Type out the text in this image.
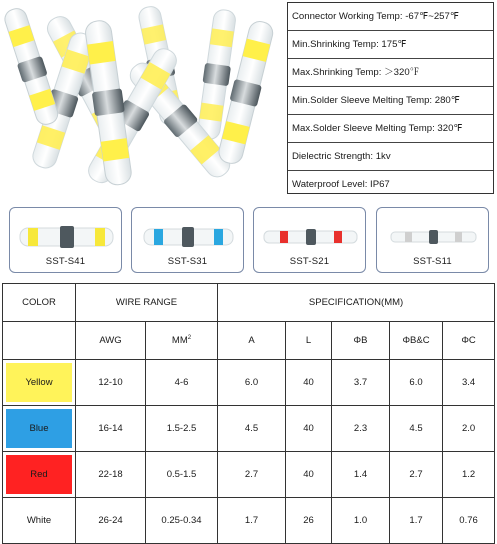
Connector Working Temp: -67℉~257℉
Min.Shrinking Temp: 175℉
Max.Shrinking Temp: ＞320℉
Min.Solder Sleeve Melting Temp: 280℉
Max.Solder Sleeve Melting Temp: 320℉
Dielectric Strength: 1kv
Waterproof Level: IP67
SST-S41	SST-S31	SST-S21	SST-S11
COLOR	WIRE RANGE		SPECIFICATION(MM)				
	AWG	$MM^2$	A	L	ΦB	ΦB&C	ΦC

Yellow	12-10	4-6	6.0	40	3.7	6.0	3.4

Blue	16-14	1.5-2.5	4.5	40	2.3	4.5	2.0

Red	22-18	0.5-1.5	2.7	40	1.4	2.7	1.2

White	26-24	0.25-0.34	1.7	26	1.0	1.7	0.76
